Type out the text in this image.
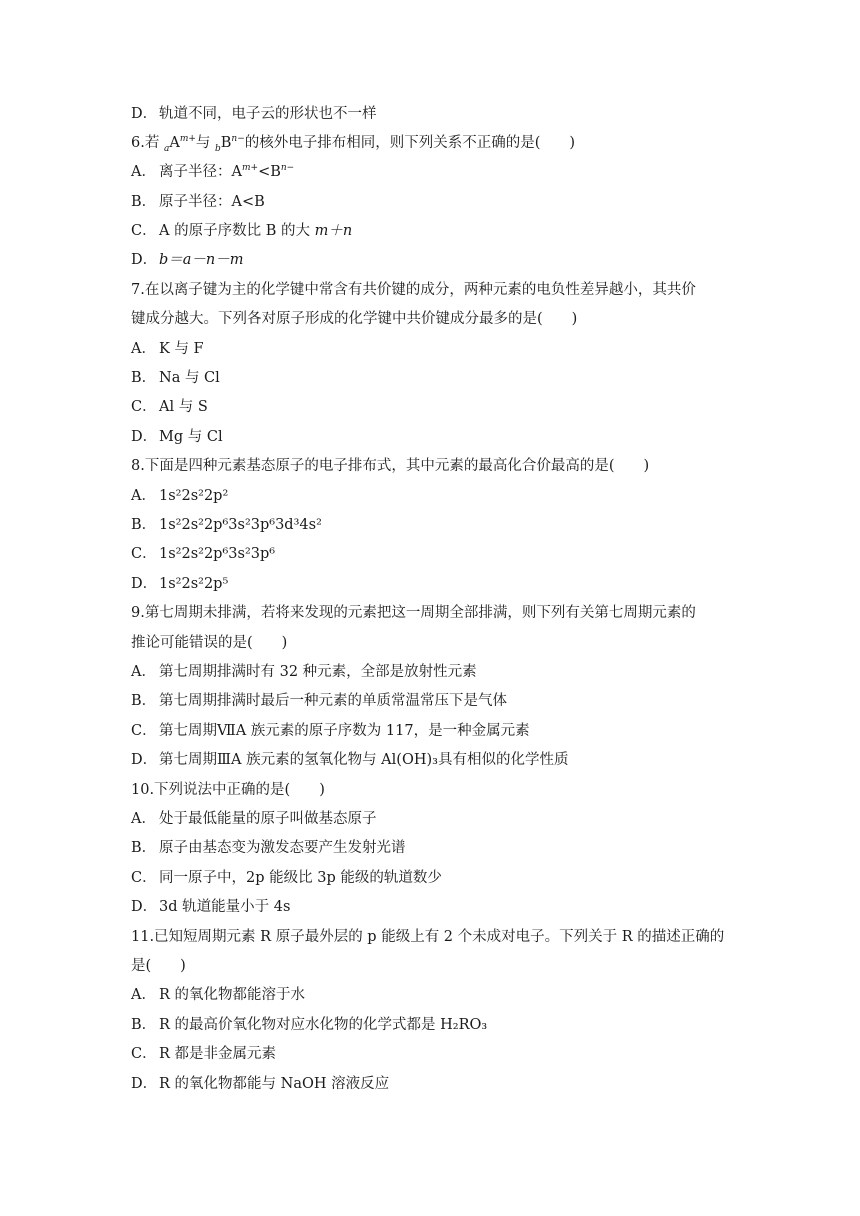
D． 轨道不同，电子云的形状也不一样
6.若 $_aA^{m+}$与 $_bB^{n-}$的核外电子排布相同，则下列关系不正确的是(　　)
A． 离子半径：$A^{m+}<B^{n-}$
B． 原子半径：A<B
C． A 的原子序数比 B 的大 m＋n
D． b＝a－n－m
7.在以离子键为主的化学键中常含有共价键的成分，两种元素的电负性差异越小，其共价
键成分越大。下列各对原子形成的化学键中共价键成分最多的是(　　)
A． K 与 F
B． Na 与 Cl
C． Al 与 S
D． Mg 与 Cl
8.下面是四种元素基态原子的电子排布式，其中元素的最高化合价最高的是(　　)
A． 1s²2s²2p²
B． 1s²2s²2p⁶3s²3p⁶3d³4s²
C． 1s²2s²2p⁶3s²3p⁶
D． 1s²2s²2p⁵
9.第七周期未排满，若将来发现的元素把这一周期全部排满，则下列有关第七周期元素的
推论可能错误的是(　　)
A． 第七周期排满时有 32 种元素，全部是放射性元素
B． 第七周期排满时最后一种元素的单质常温常压下是气体
C． 第七周期ⅦA 族元素的原子序数为 117，是一种金属元素
D． 第七周期ⅢA 族元素的氢氧化物与 Al(OH)₃具有相似的化学性质
10.下列说法中正确的是(　　)
A． 处于最低能量的原子叫做基态原子
B． 原子由基态变为激发态要产生发射光谱
C． 同一原子中，2p 能级比 3p 能级的轨道数少
D． 3d 轨道能量小于 4s
11.已知短周期元素 R 原子最外层的 p 能级上有 2 个未成对电子。下列关于 R 的描述正确的
是(　　)
A． R 的氧化物都能溶于水
B． R 的最高价氧化物对应水化物的化学式都是 H₂RO₃
C． R 都是非金属元素
D． R 的氧化物都能与 NaOH 溶液反应
